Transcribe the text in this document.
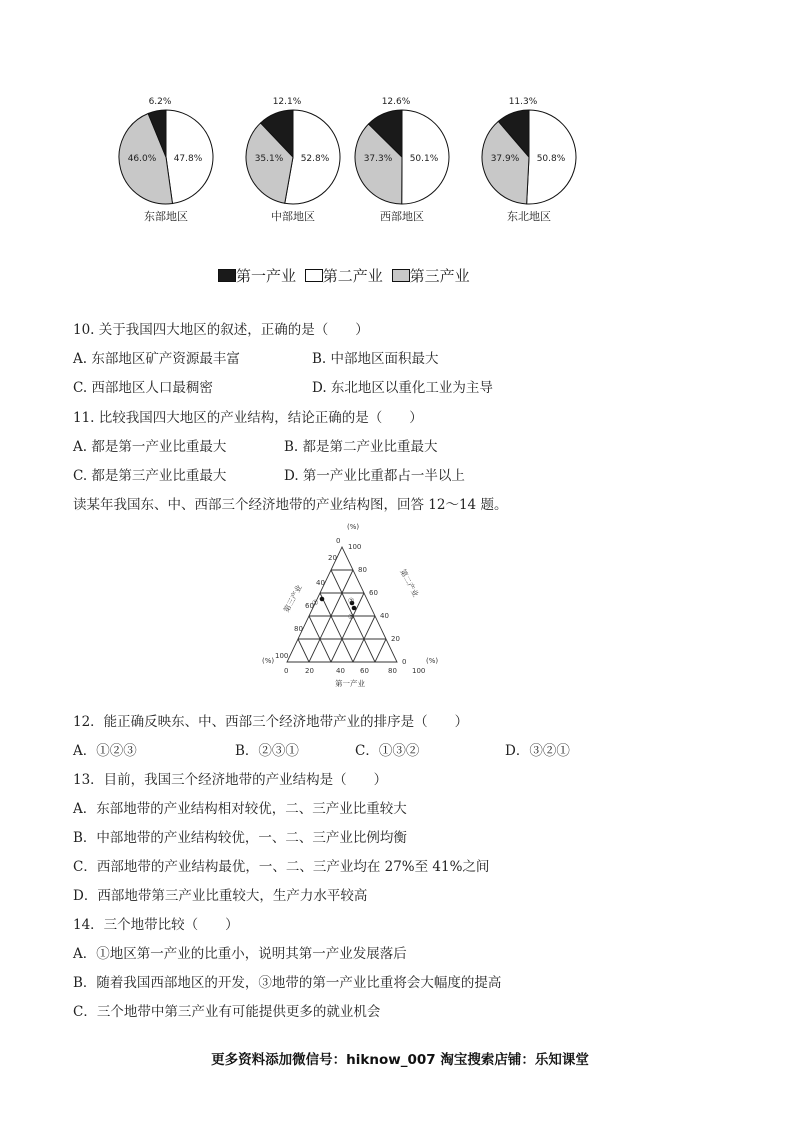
6.2%
47.8%
46.0%
东部地区
12.1%
52.8%
35.1%
中部地区
12.6%
50.1%
37.3%
西部地区
11.3%
50.8%
37.9%
东北地区
第一产业 第二产业 第三产业
10. 关于我国四大地区的叙述，正确的是（　　）
A. 东部地区矿产资源最丰富	B. 中部地区面积最大
C. 西部地区人口最稠密	D. 东北地区以重化工业为主导
11. 比较我国四大地区的产业结构，结论正确的是（　　）
A. 都是第一产业比重最大	B. 都是第二产业比重最大
C. 都是第三产业比重最大	D. 第一产业比重都占一半以上
读某年我国东、中、西部三个经济地带的产业结构图，回答 12～14 题。
①	②
③
0 20	40 60	80 100
100
80
60
40
20
0
20
40
60
80
100
0
(%)
(%)	(%)
第一产业
第三产业
第二产业
12．能正确反映东、中、西部三个经济地带产业的排序是（　　）
A．①②③	B．②③①	C．①③②	D．③②①
13．目前，我国三个经济地带的产业结构是（　　）
A．东部地带的产业结构相对较优，二、三产业比重较大
B．中部地带的产业结构较优，一、二、三产业比例均衡
C．西部地带的产业结构最优，一、二、三产业均在 27%至 41%之间
D．西部地带第三产业比重较大，生产力水平较高
14．三个地带比较（　　）
A．①地区第一产业的比重小，说明其第一产业发展落后
B．随着我国西部地区的开发，③地带的第一产业比重将会大幅度的提高
C．三个地带中第三产业有可能提供更多的就业机会
更多资料添加微信号：hiknow_007 淘宝搜索店铺：乐知课堂
